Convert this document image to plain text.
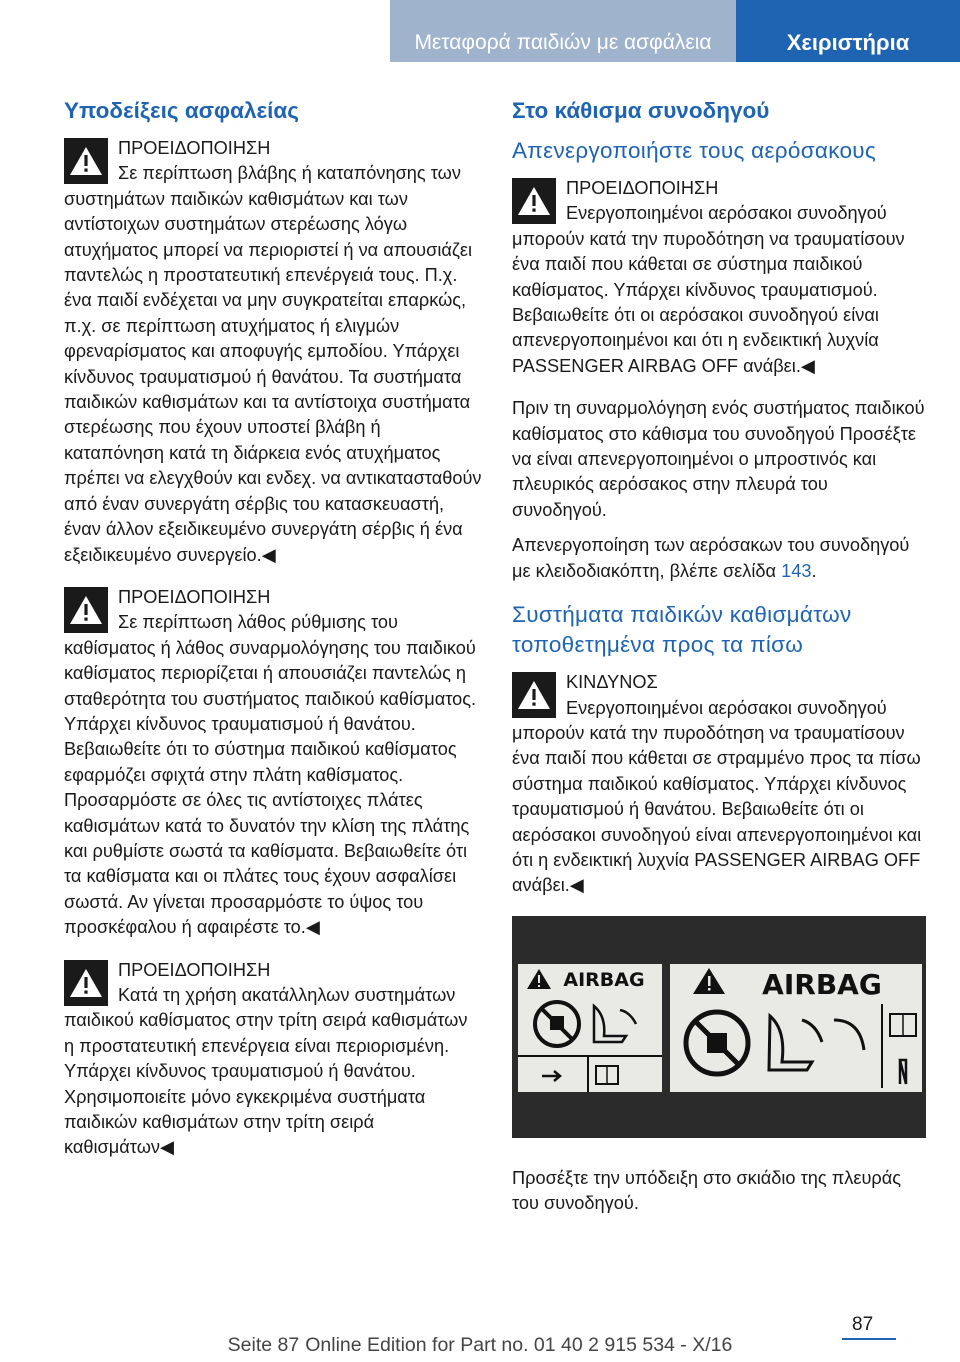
Μεταφορά παιδιών με ασφάλεια	Χειριστήρια
Υποδείξεις ασφαλείας
ΠΡΟΕΙΔΟΠΟΙΗΣΗ
Σε περίπτωση βλάβης ή καταπόνησης των συστημάτων παιδικών καθισμάτων και των αντίστοιχων συστημάτων στερέωσης λόγω ατυχήματος μπορεί να περιοριστεί ή να απουσιάζει παντελώς η προστατευτική επενέργειά τους. Π.χ. ένα παιδί ενδέχεται να μην συγκρατείται επαρκώς, π.χ. σε περίπτωση ατυχήματος ή ελιγμών φρεναρίσματος και αποφυγής εμποδίου. Υπάρχει κίνδυνος τραυματισμού ή θανάτου. Τα συστήματα παιδικών καθισμάτων και τα αντίστοιχα συστήματα στερέωσης που έχουν υποστεί βλάβη ή καταπόνηση κατά τη διάρκεια ενός ατυχήματος πρέπει να ελεγχθούν και ενδεχ. να αντικατασταθούν από έναν συνεργάτη σέρβις του κατασκευαστή, έναν άλλον εξειδικευμένο συνεργάτη σέρβις ή ένα εξειδικευμένο συνεργείο.◀
ΠΡΟΕΙΔΟΠΟΙΗΣΗ
Σε περίπτωση λάθος ρύθμισης του καθίσματος ή λάθος συναρμολόγησης του παιδικού καθίσματος περιορίζεται ή απουσιάζει παντελώς η σταθερότητα του συστήματος παιδικού καθίσματος. Υπάρχει κίνδυνος τραυματισμού ή θανάτου. Βεβαιωθείτε ότι το σύστημα παιδικού καθίσματος εφαρμόζει σφιχτά στην πλάτη καθίσματος. Προσαρμόστε σε όλες τις αντίστοιχες πλάτες καθισμάτων κατά το δυνατόν την κλίση της πλάτης και ρυθμίστε σωστά τα καθίσματα. Βεβαιωθείτε ότι τα καθίσματα και οι πλάτες τους έχουν ασφαλίσει σωστά. Αν γίνεται προσαρμόστε το ύψος του προσκέφαλου ή αφαιρέστε το.◀
ΠΡΟΕΙΔΟΠΟΙΗΣΗ
Κατά τη χρήση ακατάλληλων συστημάτων παιδικού καθίσματος στην τρίτη σειρά καθισμάτων η προστατευτική επενέργεια είναι περιορισμένη. Υπάρχει κίνδυνος τραυματισμού ή θανάτου. Χρησιμοποιείτε μόνο εγκεκριμένα συστήματα παιδικών καθισμάτων στην τρίτη σειρά καθισμάτων◀
Στο κάθισμα συνοδηγού
Απενεργοποιήστε τους αερόσακους
ΠΡΟΕΙΔΟΠΟΙΗΣΗ
Ενεργοποιημένοι αερόσακοι συνοδηγού μπορούν κατά την πυροδότηση να τραυματίσουν ένα παιδί που κάθεται σε σύστημα παιδικού καθίσματος. Υπάρχει κίνδυνος τραυματισμού. Βεβαιωθείτε ότι οι αερόσακοι συνοδηγού είναι απενεργοποιημένοι και ότι η ενδεικτική λυχνία PASSENGER AIRBAG OFF ανάβει.◀
Πριν τη συναρμολόγηση ενός συστήματος παιδικού καθίσματος στο κάθισμα του συνοδηγού Προσέξτε να είναι απενεργοποιημένοι ο μπροστινός και πλευρικός αερόσακος στην πλευρά του συνοδηγού.
Απενεργοποίηση των αερόσακων του συνοδηγού με κλειδοδιακόπτη, βλέπε σελίδα 143.
Συστήματα παιδικών καθισμάτων τοποθετημένα προς τα πίσω
ΚΙΝΔΥΝΟΣ
Ενεργοποιημένοι αερόσακοι συνοδηγού μπορούν κατά την πυροδότηση να τραυματίσουν ένα παιδί που κάθεται σε στραμμένο προς τα πίσω σύστημα παιδικού καθίσματος. Υπάρχει κίνδυνος τραυματισμού ή θανάτου. Βεβαιωθείτε ότι οι αερόσακοι συνοδηγού είναι απενεργοποιημένοι και ότι η ενδεικτική λυχνία PASSENGER AIRBAG OFF ανάβει.◀
AIRBAG	AIRBAG
Προσέξτε την υπόδειξη στο σκιάδιο της πλευράς του συνοδηγού.
87
Seite 87 Online Edition for Part no. 01 40 2 915 534 - X/16
